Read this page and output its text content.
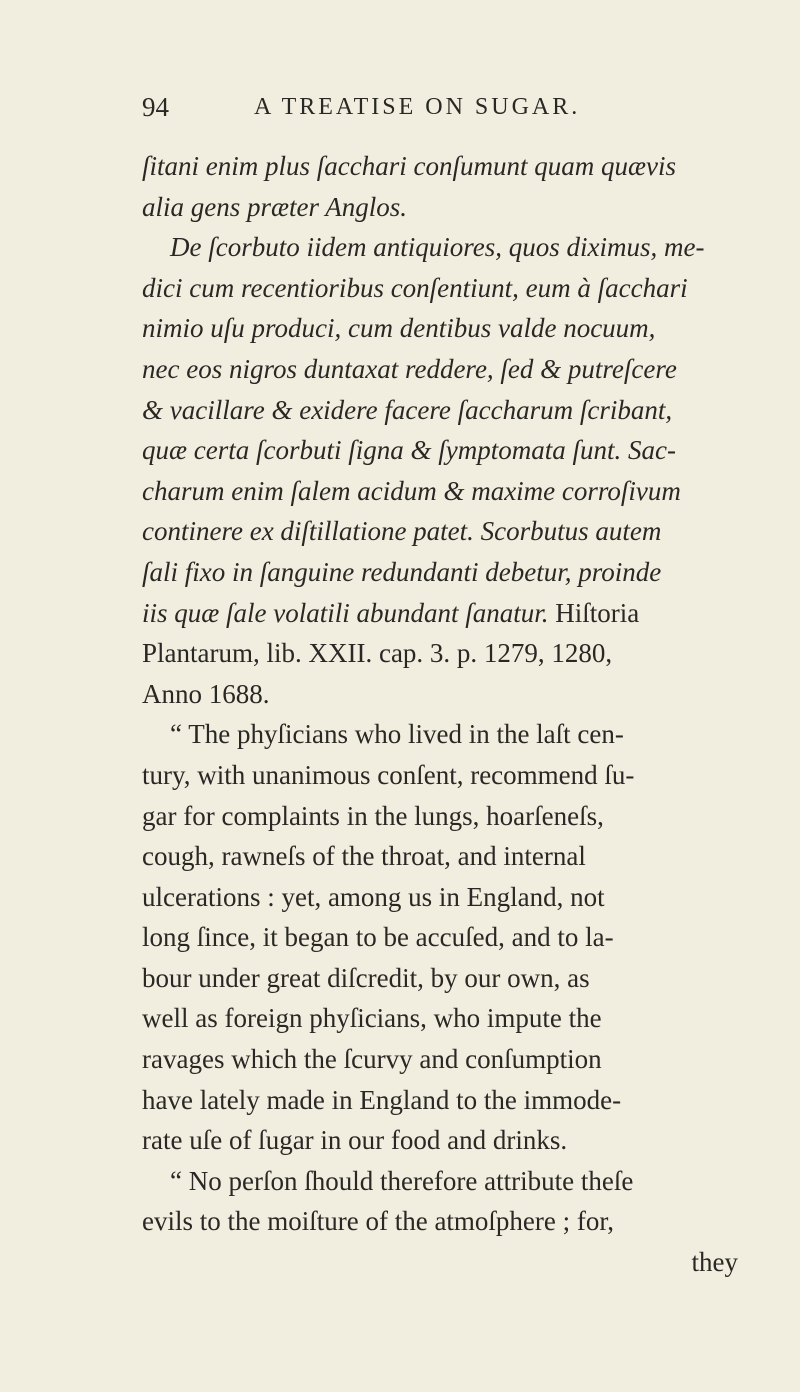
94	A TREATISE ON SUGAR.
ſitani enim plus ſacchari conſumunt quam quævis
alia gens præter Anglos.
De ſcorbuto iidem antiquiores, quos diximus, me-
dici cum recentioribus conſentiunt, eum à ſacchari
nimio uſu produci, cum dentibus valde nocuum,
nec eos nigros duntaxat reddere, ſed & putreſcere
& vacillare & exidere facere ſaccharum ſcribant,
quæ certa ſcorbuti ſigna & ſymptomata ſunt. Sac-
charum enim ſalem acidum & maxime corroſivum
continere ex diſtillatione patet. Scorbutus autem
ſali fixo in ſanguine redundanti debetur, proinde
iis quæ ſale volatili abundant ſanatur. Hiſtoria
Plantarum, lib. XXII. cap. 3. p. 1279, 1280,
Anno 1688.
“ The phyſicians who lived in the laſt cen-
tury, with unanimous conſent, recommend ſu-
gar for complaints in the lungs, hoarſeneſs,
cough, rawneſs of the throat, and internal
ulcerations : yet, among us in England, not
long ſince, it began to be accuſed, and to la-
bour under great diſcredit, by our own, as
well as foreign phyſicians, who impute the
ravages which the ſcurvy and conſumption
have lately made in England to the immode-
rate uſe of ſugar in our food and drinks.
“ No perſon ſhould therefore attribute theſe
evils to the moiſture of the atmoſphere ; for,
they
